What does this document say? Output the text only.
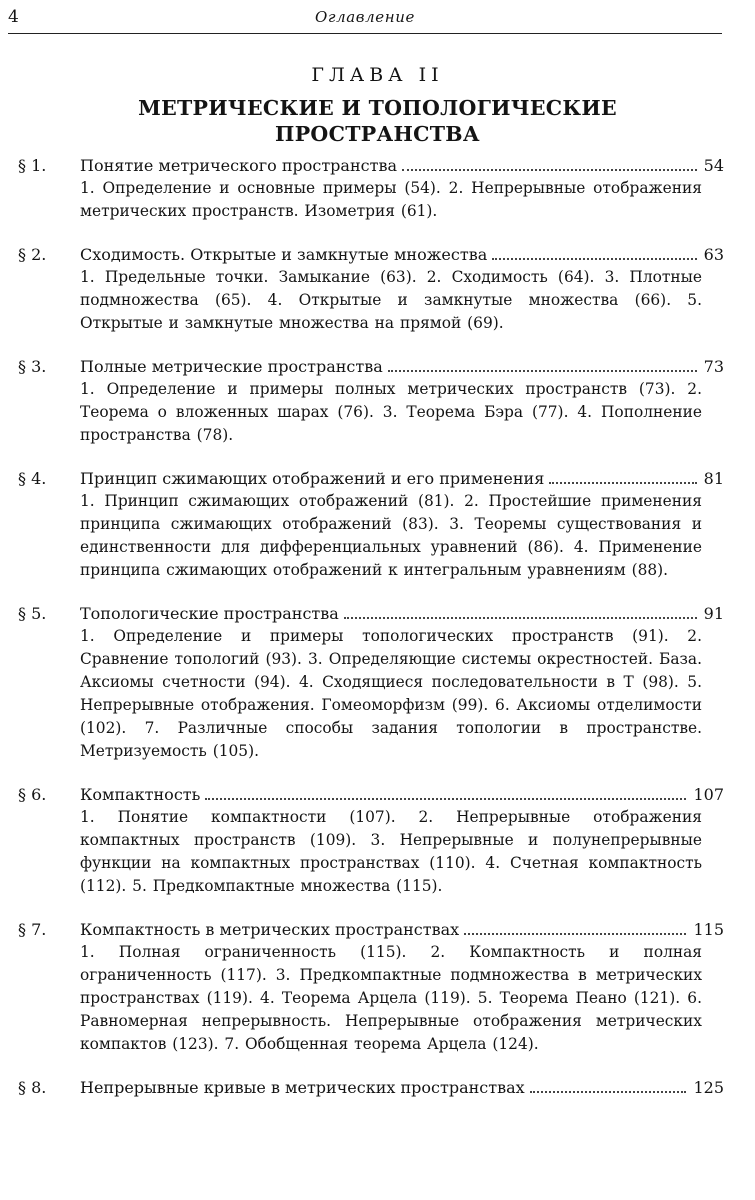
4	Оглавление
ГЛАВА II
МЕТРИЧЕСКИЕ И ТОПОЛОГИЧЕСКИЕ
ПРОСТРАНСТВА
§ 1. Понятие метрического пространства	54
1. Определение и основные примеры (54). 2. Непрерывные отображения метрических пространств. Изометрия (61).
§ 2. Сходимость. Открытые и замкнутые множества	63
1. Предельные точки. Замыкание (63). 2. Сходимость (64). 3. Плотные подмножества (65). 4. Открытые и замкнутые множества (66). 5. Открытые и замкнутые множества на прямой (69).
§ 3. Полные метрические пространства	73
1. Определение и примеры полных метрических пространств (73). 2. Теорема о вложенных шарах (76). 3. Теорема Бэра (77). 4. Пополнение пространства (78).
§ 4. Принцип сжимающих отображений и его применения	81
1. Принцип сжимающих отображений (81). 2. Простейшие применения принципа сжимающих отображений (83). 3. Теоремы существования и единственности для дифференциальных уравнений (86). 4. Применение принципа сжимающих отображений к интегральным уравнениям (88).
§ 5. Топологические пространства	91
1. Определение и примеры топологических пространств (91). 2. Сравнение топологий (93). 3. Определяющие системы окрестностей. База. Аксиомы счетности (94). 4. Сходящиеся последовательности в T (98). 5. Непрерывные отображения. Гомеоморфизм (99). 6. Аксиомы отделимости (102). 7. Различные способы задания топологии в пространстве. Метризуемость (105).
§ 6. Компактность	107
1. Понятие компактности (107). 2. Непрерывные отображения компактных пространств (109). 3. Непрерывные и полунепрерывные функции на компактных пространствах (110). 4. Счетная компактность (112). 5. Предкомпактные множества (115).
§ 7. Компактность в метрических пространствах	115
1. Полная ограниченность (115). 2. Компактность и полная ограниченность (117). 3. Предкомпактные подмножества в метрических пространствах (119). 4. Теорема Арцела (119). 5. Теорема Пеано (121). 6. Равномерная непрерывность. Непрерывные отображения метрических компактов (123). 7. Обобщенная теорема Арцела (124).
§ 8. Непрерывные кривые в метрических пространствах	125
